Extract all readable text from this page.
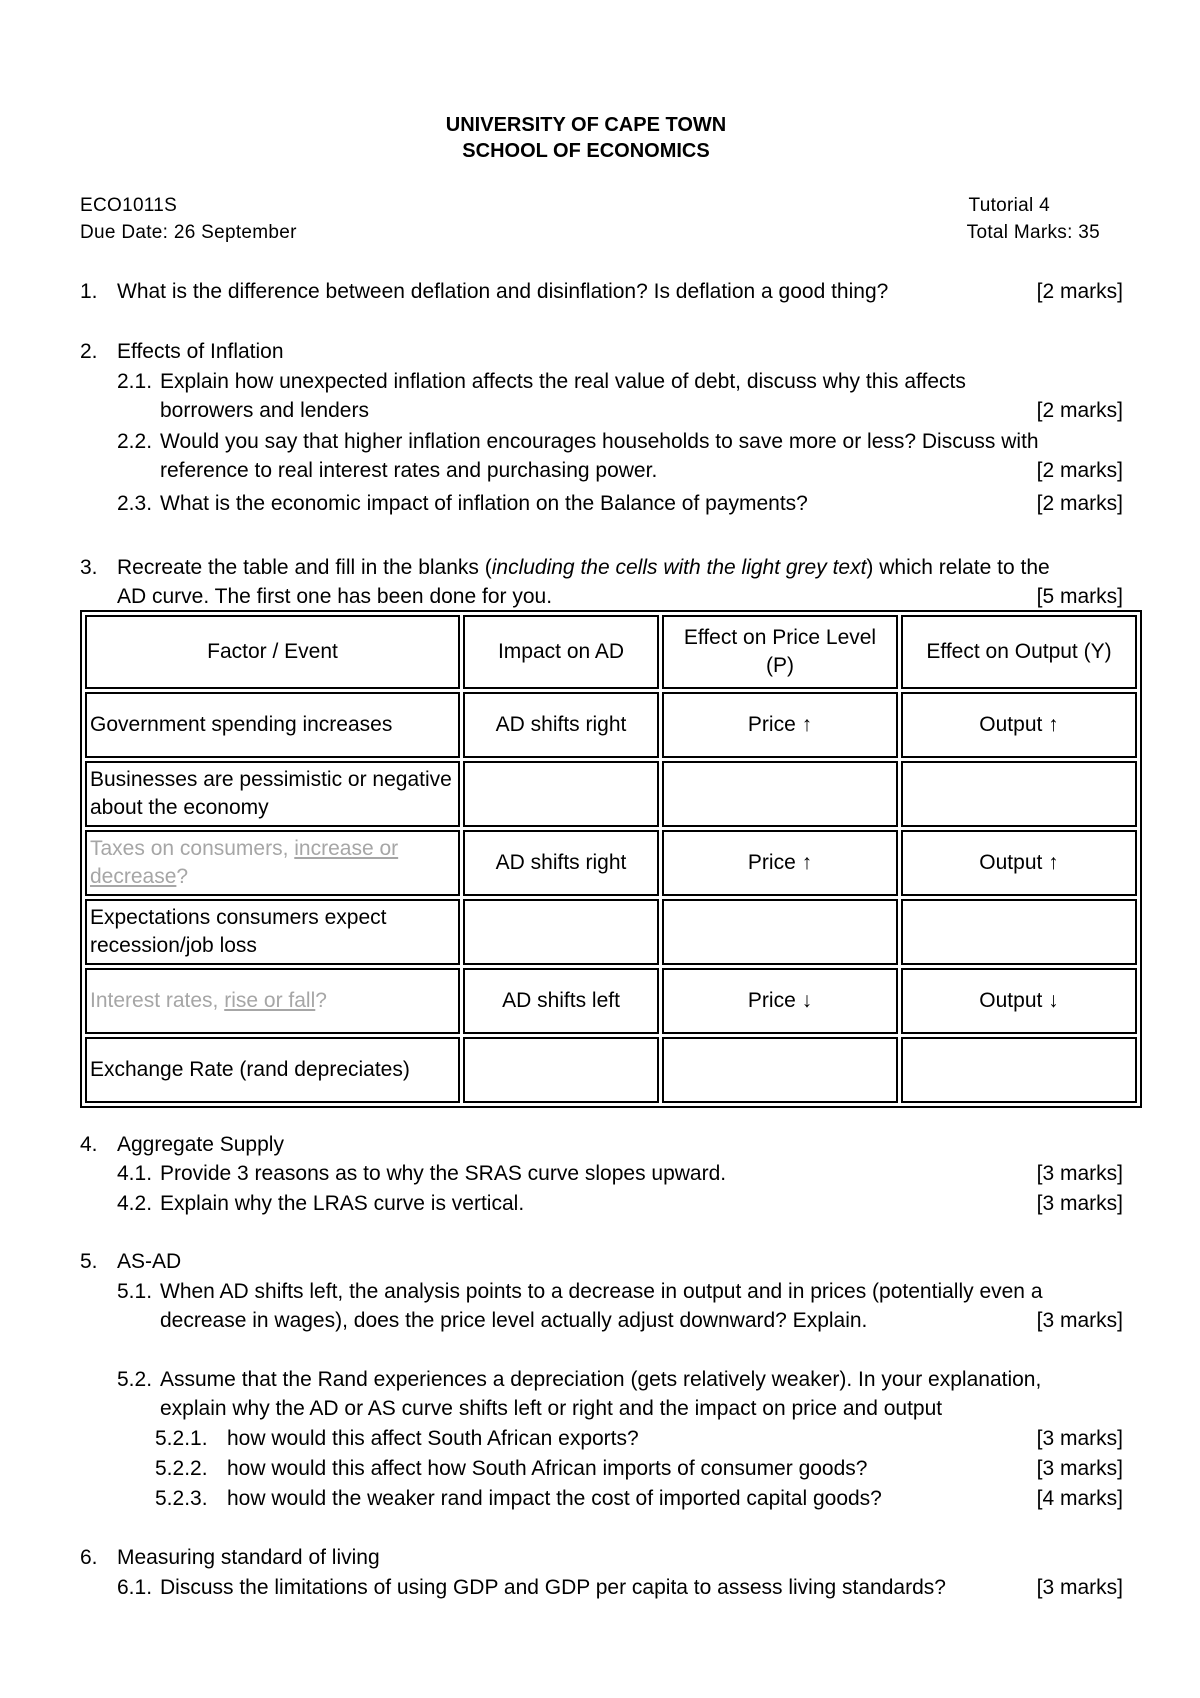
UNIVERSITY OF CAPE TOWN
SCHOOL OF ECONOMICS
ECO1011S	Tutorial 4
Due Date: 26 September	Total Marks: 35
1. What is the difference between deflation and disinflation? Is deflation a good thing?	[2 marks]
2. Effects of Inflation
2.1. Explain how unexpected inflation affects the real value of debt, discuss why this affects
borrowers and lenders	[2 marks]
2.2. Would you say that higher inflation encourages households to save more or less? Discuss with
reference to real interest rates and purchasing power.	[2 marks]
2.3. What is the economic impact of inflation on the Balance of payments?	[2 marks]
3. Recreate the table and fill in the blanks (including the cells with the light grey text) which relate to the
AD curve. The first one has been done for you.	[5 marks]
Factor / Event	Impact on AD	Effect on Price Level (P)	Effect on Output (Y)
Government spending increases	AD shifts right	Price ↑	Output ↑
Businesses are pessimistic or negative about the economy			
Taxes on consumers, increase or decrease?	AD shifts right	Price ↑	Output ↑
Expectations consumers expect recession/job loss			
Interest rates, rise or fall?	AD shifts left	Price ↓	Output ↓
Exchange Rate (rand depreciates)			
4. Aggregate Supply
4.1. Provide 3 reasons as to why the SRAS curve slopes upward.	[3 marks]
4.2. Explain why the LRAS curve is vertical.	[3 marks]
5. AS-AD
5.1. When AD shifts left, the analysis points to a decrease in output and in prices (potentially even a
decrease in wages), does the price level actually adjust downward? Explain.	[3 marks]
5.2. Assume that the Rand experiences a depreciation (gets relatively weaker). In your explanation,
explain why the AD or AS curve shifts left or right and the impact on price and output
5.2.1. how would this affect South African exports?	[3 marks]
5.2.2. how would this affect how South African imports of consumer goods?	[3 marks]
5.2.3. how would the weaker rand impact the cost of imported capital goods?	[4 marks]
6. Measuring standard of living
6.1. Discuss the limitations of using GDP and GDP per capita to assess living standards?	[3 marks]
